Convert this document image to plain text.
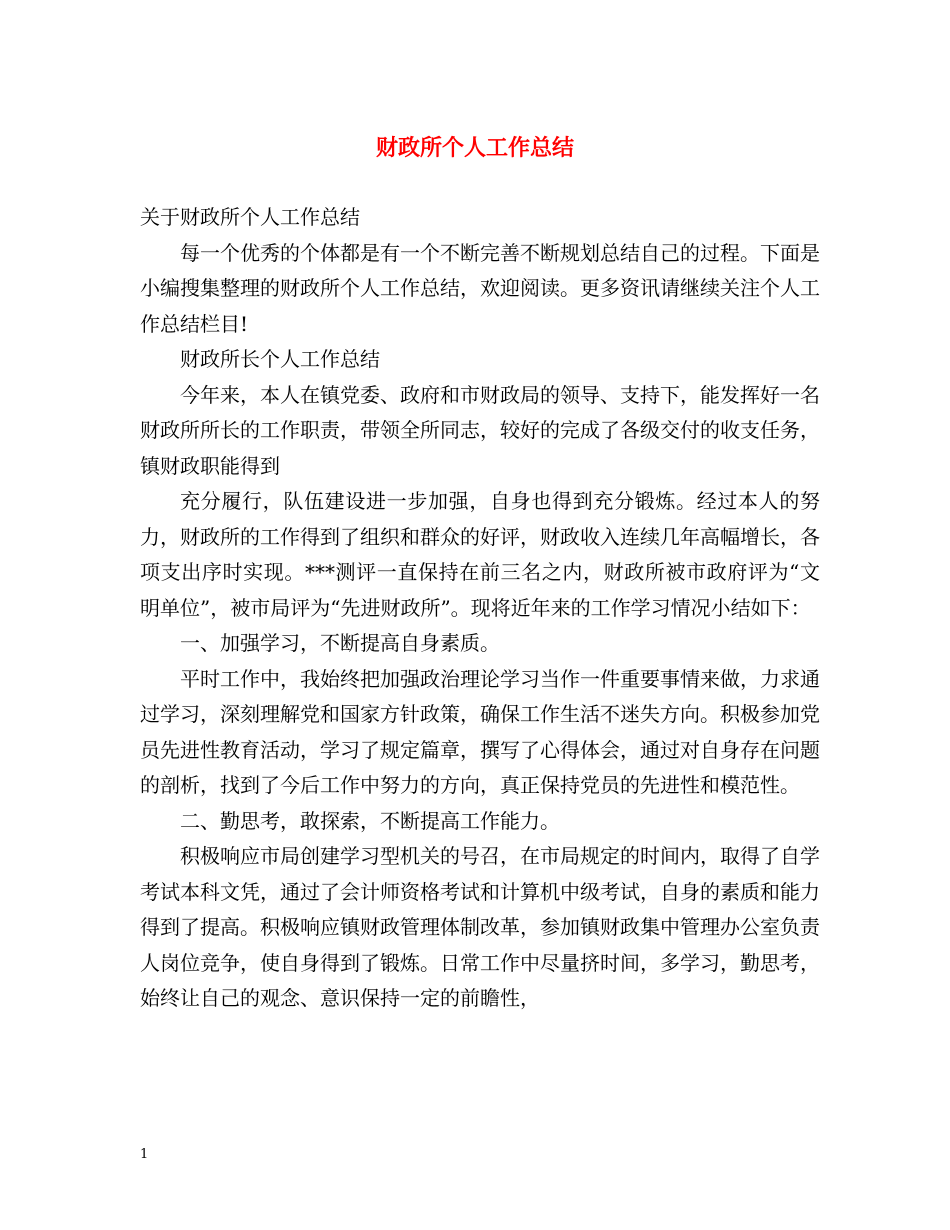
财政所个人工作总结

关于财政所个人工作总结

每一个优秀的个体都是有一个不断完善不断规划总结自己的过程。下面是小编搜集整理的财政所个人工作总结，欢迎阅读。更多资讯请继续关注个人工作总结栏目!

财政所长个人工作总结

今年来，本人在镇党委、政府和市财政局的领导、支持下，能发挥好一名财政所所长的工作职责，带领全所同志，较好的完成了各级交付的收支任务，镇财政职能得到

充分履行，队伍建设进一步加强，自身也得到充分锻炼。经过本人的努力，财政所的工作得到了组织和群众的好评，财政收入连续几年高幅增长，各项支出序时实现。***测评一直保持在前三名之内，财政所被市政府评为“文明单位”，被市局评为“先进财政所”。现将近年来的工作学习情况小结如下：

一、加强学习，不断提高自身素质。

平时工作中，我始终把加强政治理论学习当作一件重要事情来做，力求通过学习，深刻理解党和国家方针政策，确保工作生活不迷失方向。积极参加党员先进性教育活动，学习了规定篇章，撰写了心得体会，通过对自身存在问题的剖析，找到了今后工作中努力的方向，真正保持党员的先进性和模范性。

二、勤思考，敢探索，不断提高工作能力。

积极响应市局创建学习型机关的号召，在市局规定的时间内，取得了自学考试本科文凭，通过了会计师资格考试和计算机中级考试，自身的素质和能力得到了提高。积极响应镇财政管理体制改革，参加镇财政集中管理办公室负责人岗位竞争，使自身得到了锻炼。日常工作中尽量挤时间，多学习，勤思考，始终让自己的观念、意识保持一定的前瞻性，

1
